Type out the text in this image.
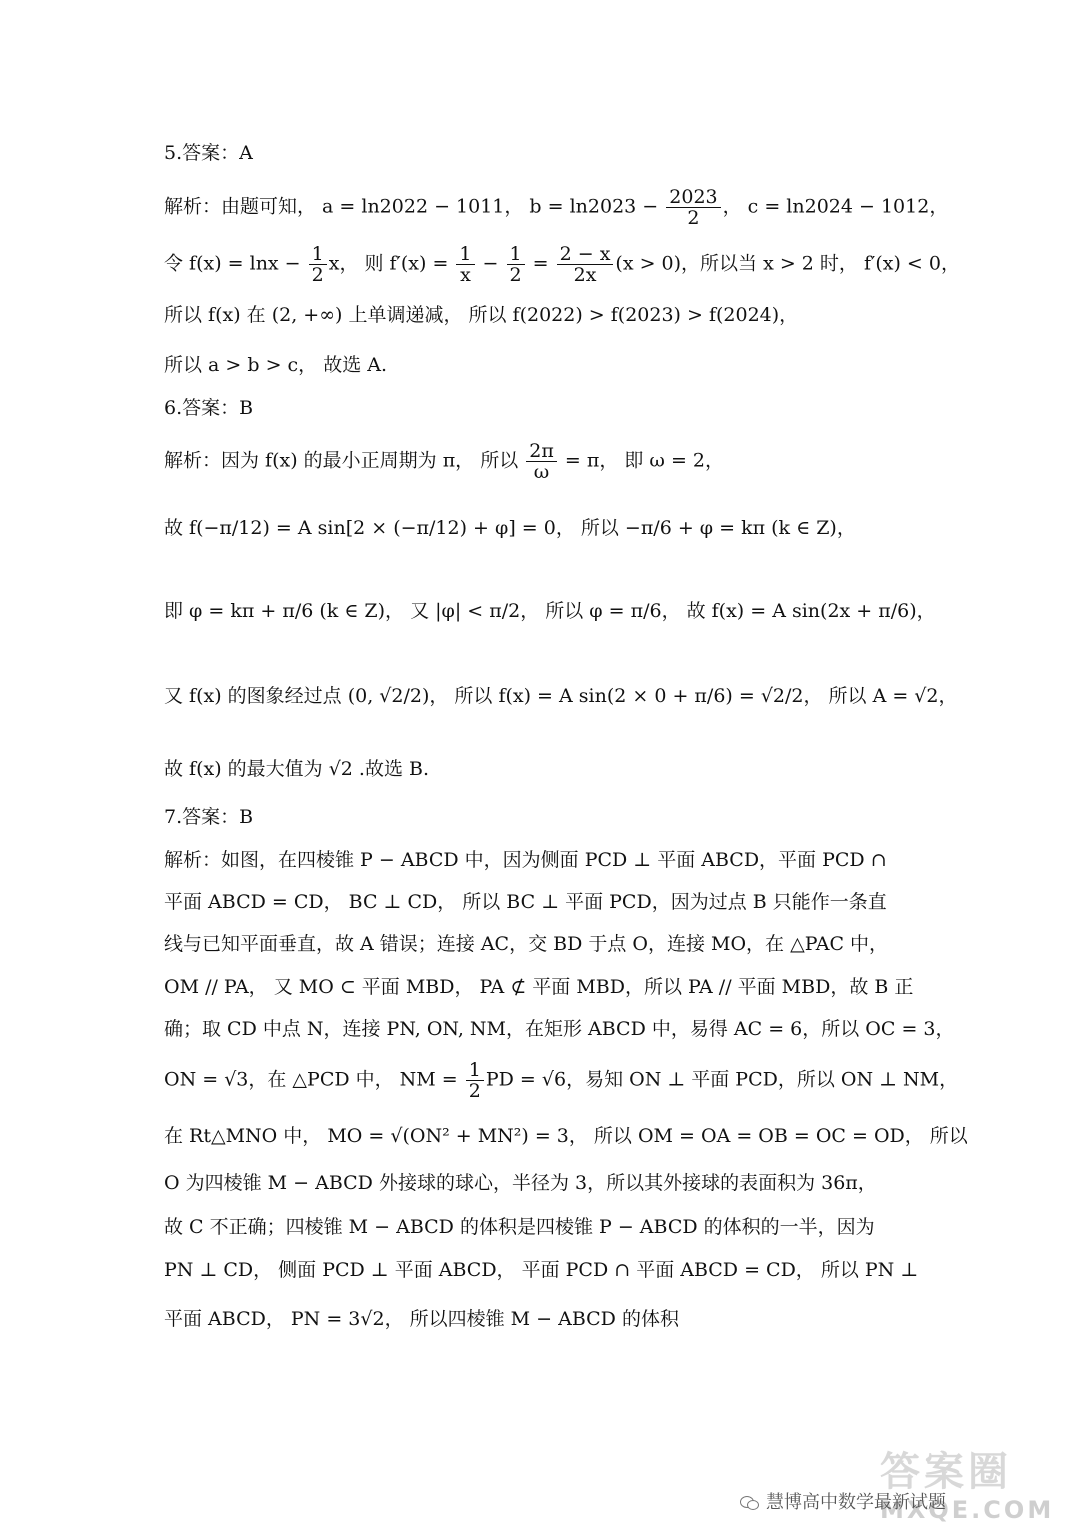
5.答案：A
解析：由题可知， a = ln2022 − 1011， $b = \ln 2023 - \frac{2023}{2}$ ， c = ln2024 − 1012，
令 $f(x) = \ln x - \frac{1}{2}$ x， 则 $f'(x) = \frac{1}{x} - \frac{1}{2} = \frac{2 - x}{2x} (x > 0)$，所以当 x > 2 时， f′(x) < 0，
所以 f(x) 在 (2, +∞) 上单调递减， 所以 f(2022) > f(2023) > f(2024)，
所以 a > b > c， 故选 A.
6.答案：B
解析：因为 f(x) 的最小正周期为 π， 所以 $\frac{2\pi}{\omega} = \pi$， 即 ω = 2，
故 f(−π/12) = A sin[2 × (−π/12) + φ] = 0， 所以 −π/6 + φ = kπ (k ∈ Z)，
即 φ = kπ + π/6 (k ∈ Z)， 又 |φ| < π/2， 所以 φ = π/6， 故 f(x) = A sin(2x + π/6)，
又 f(x) 的图象经过点 (0, √2/2)， 所以 f(x) = A sin(2 × 0 + π/6) = √2/2， 所以 A = √2，
故 f(x) 的最大值为 √2 .故选 B.
7.答案：B
解析：如图，在四棱锥 P − ABCD 中，因为侧面 PCD ⊥ 平面 ABCD，平面 PCD ∩
平面 ABCD = CD， BC ⊥ CD， 所以 BC ⊥ 平面 PCD，因为过点 B 只能作一条直
线与已知平面垂直，故 A 错误；连接 AC，交 BD 于点 O，连接 MO，在 △PAC 中，
OM // PA， 又 MO ⊂ 平面 MBD， PA ⊄ 平面 MBD，所以 PA // 平面 MBD，故 B 正
确；取 CD 中点 N，连接 PN, ON, NM，在矩形 ABCD 中，易得 AC = 6，所以 OC = 3，
ON = √3，在 △PCD 中， NM = $\frac{1}{2}$ PD = √6，易知 ON ⊥ 平面 PCD，所以 ON ⊥ NM，
在 Rt△MNO 中， MO = √(ON² + MN²) = 3， 所以 OM = OA = OB = OC = OD， 所以
O 为四棱锥 M − ABCD 外接球的球心，半径为 3，所以其外接球的表面积为 36π，
故 C 不正确；四棱锥 M − ABCD 的体积是四棱锥 P − ABCD 的体积的一半，因为
PN ⊥ CD， 侧面 PCD ⊥ 平面 ABCD， 平面 PCD ∩ 平面 ABCD = CD， 所以 PN ⊥
平面 ABCD， PN = 3√2， 所以四棱锥 M − ABCD 的体积
答案圈
MXQE.COM
慧博高中数学最新试题
